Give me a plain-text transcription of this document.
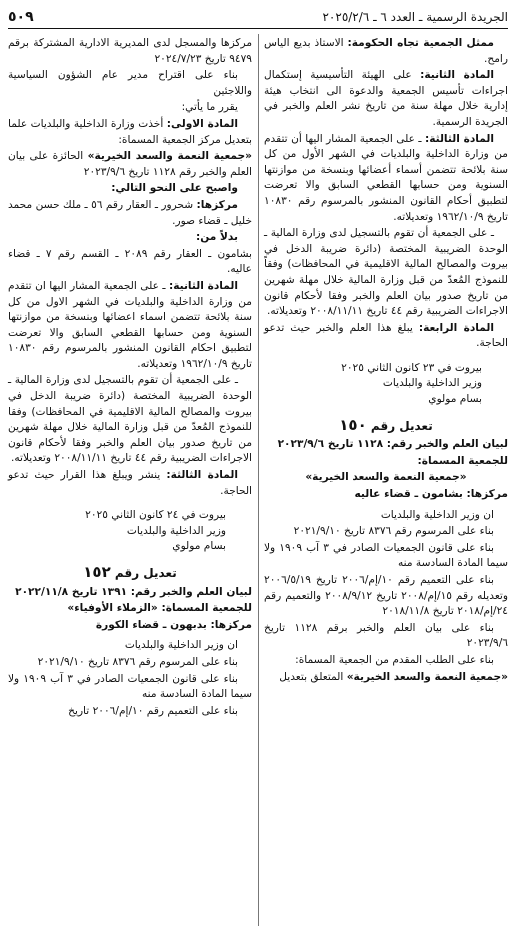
الجريدة الرسمية ـ العدد ٦ ـ ٢٠٢٥/٢/٦
٥٠٩

ممثل الجمعية تجاه الحكومة: الاستاذ بديع الياس رامح.

المادة الثانية: على الهيئة التأسيسية إستكمال اجراءات تأسيس الجمعية والدعوة الى انتخاب هيئة إدارية خلال مهلة سنة من تاريخ نشر العلم والخبر في الجريدة الرسمية.

المادة الثالثة: ـ على الجمعية المشار اليها أن تتقدم من وزارة الداخلية والبلديات في الشهر الأول من كل سنة بلائحة تتضمن أسماء أعضائها وبنسخة من موازنتها السنوية ومن حسابها القطعي السابق والا تعرضت لتطبيق أحكام القانون المنشور بالمرسوم رقم ١٠٨٣٠ تاريخ ١٩٦٢/١٠/٩ وتعديلاته.

ـ على الجمعية أن تقوم بالتسجيل لدى وزارة المالية ـ الوحدة الضريبية المختصة (دائرة ضريبة الدخل في بيروت والمصالح المالية الاقليمية في المحافظات) وفقاً للنموذج المُعدّ من قبل وزارة المالية خلال مهلة شهرين من تاريخ صدور بيان العلم والخبر وفقا لأحكام قانون الاجراءات الضريبية رقم ٤٤ تاريخ ٢٠٠٨/١١/١١ وتعديلاته.

المادة الرابعة: يبلغ هذا العلم والخبر حيث تدعو الحاجة.

بيروت في ٢٣ كانون الثاني ٢٠٢٥

وزير الداخلية والبلديات

بسام مولوي

تعديل رقم ١٥٠

لبيان العلم والخبر رقم: ١١٢٨ تاريخ ٢٠٢٣/٩/٦

للجمعية المسماة:

«جمعية النعمة والسعد الخيرية»

مركزها: بشامون ـ قضاء عاليه

ان وزير الداخلية والبلديات

بناء على المرسوم رقم ٨٣٧٦ تاريخ ٢٠٢١/٩/١٠

بناء على قانون الجمعيات الصادر في ٣ آب ١٩٠٩ ولا سيما المادة السادسة منه

بناء على التعميم رقم ١٠/إم/٢٠٠٦ تاريخ ٢٠٠٦/٥/١٩ وتعديله رقم ١٥/إم/٢٠٠٨ تاريخ ٢٠٠٨/٩/١٢ والتعميم رقم ٢٤/إم/٢٠١٨ تاريخ ٢٠١٨/١١/٨

بناء على بيان العلم والخبر برقم ١١٢٨ تاريخ ٢٠٢٣/٩/٦

بناء على الطلب المقدم من الجمعية المسماة:

«جمعية النعمة والسعد الخيرية» المتعلق بتعديل

مركزها والمسجل لدى المديرية الادارية المشتركة برقم ٩٤٧٩ تاريخ ٢٠٢٤/٧/٢٣

بناء على اقتراح مدير عام الشؤون السياسية واللاجئين

يقرر ما يأتي:

المادة الاولى: أخذت وزارة الداخلية والبلديات علما بتعديل مركز الجمعية المسماة:

«جمعية النعمة والسعد الخيرية» الحائزة على بيان العلم والخبر رقم ١١٢٨ تاريخ ٢٠٢٣/٩/٦

واصبح على النحو التالي:

مركزها: شحرور ـ العقار رقم ٥٦ ـ ملك حسن محمد خليل ـ قضاء صور.

بدلاً من:

بشامون ـ العقار رقم ٢٠٨٩ ـ القسم رقم ٧ ـ قضاء عاليه.

المادة الثانية: ـ على الجمعية المشار اليها ان تتقدم من وزارة الداخلية والبلديات في الشهر الاول من كل سنة بلائحة تتضمن اسماء اعضائها وبنسخة من موازنتها السنوية ومن حسابها القطعي السابق والا تعرضت لتطبيق احكام القانون المنشور بالمرسوم رقم ١٠٨٣٠ تاريخ ١٩٦٢/١٠/٩ وتعديلاته.

ـ على الجمعية أن تقوم بالتسجيل لدى وزارة المالية ـ الوحدة الضريبية المختصة (دائرة ضريبة الدخل في بيروت والمصالح المالية الاقليمية في المحافظات) وفقا للنموذج المُعدّ من قبل وزارة المالية خلال مهلة شهرين من تاريخ صدور بيان العلم والخبر وفقا لأحكام قانون الاجراءات الضريبية رقم ٤٤ تاريخ ٢٠٠٨/١١/١١ وتعديلاته.

المادة الثالثة: ينشر ويبلغ هذا القرار حيث تدعو الحاجة.

بيروت في ٢٤ كانون الثاني ٢٠٢٥

وزير الداخلية والبلديات

بسام مولوي

تعديل رقم ١٥٢

لبيان العلم والخبر رقم: ١٣٩١ تاريخ ٢٠٢٢/١١/٨

للجمعية المسماة: «الزملاء الأوفياء»

مركزها: بدبهون ـ قضاء الكورة

ان وزير الداخلية والبلديات

بناء على المرسوم رقم ٨٣٧٦ تاريخ ٢٠٢١/٩/١٠

بناء على قانون الجمعيات الصادر في ٣ آب ١٩٠٩ ولا سيما المادة السادسة منه

بناء على التعميم رقم ١٠/إم/٢٠٠٦ تاريخ
